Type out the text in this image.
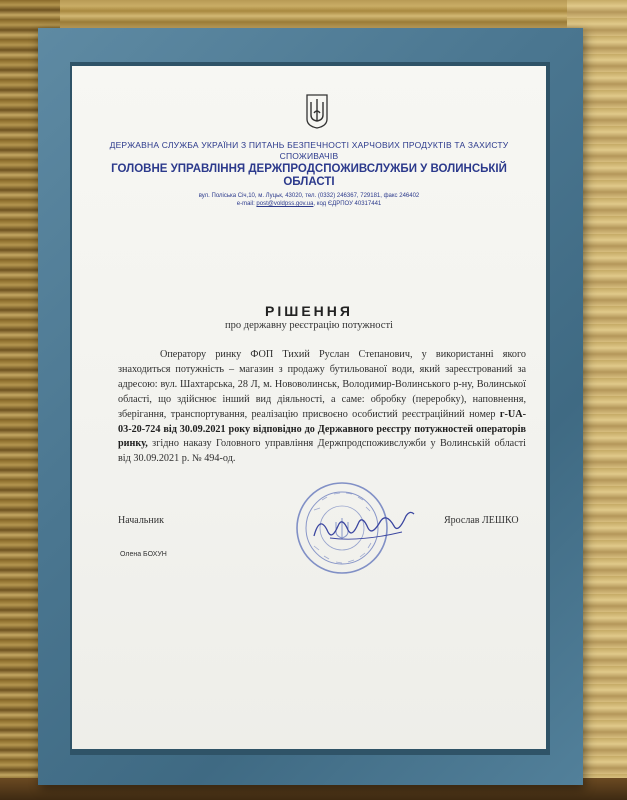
ДЕРЖАВНА СЛУЖБА УКРАЇНИ З ПИТАНЬ БЕЗПЕЧНОСТІ ХАРЧОВИХ ПРОДУКТІВ ТА ЗАХИСТУ СПОЖИВАЧІВ
ГОЛОВНЕ УПРАВЛІННЯ ДЕРЖПРОДСПОЖИВСЛУЖБИ У ВОЛИНСЬКІЙ ОБЛАСТІ
вул. Полiська Сiч,10, м. Луцьк, 43020, тел. (0332) 246367, 729181, факс 246402
e-mail: post@voldpss.gov.ua, код ЄДРПОУ 40317441
РІШЕННЯ
про державну реєстрацію потужності

Оператору ринку ФОП Тихий Руслан Степанович, у використанні якого знаходиться потужність – магазин з продажу бутильованої води, який зареєстрований за адресою: вул. Шахтарська, 28 Л, м. Нововолинськ, Володимир-Волинського р-ну, Волинської області, що здійснює інший вид діяльності, а саме: обробку (переробку), наповнення, зберігання, транспортування, реалізацію присвоєно особистий реєстраційний номер г-UA-03-20-724 від 30.09.2021 року відповідно до Державного реєстру потужностей операторів ринку, згідно наказу Головного управління Держпродспоживслужби у Волинській області від 30.09.2021 р. № 494-од.

Начальник	Ярослав ЛЕШКО
Олена БОХУН
